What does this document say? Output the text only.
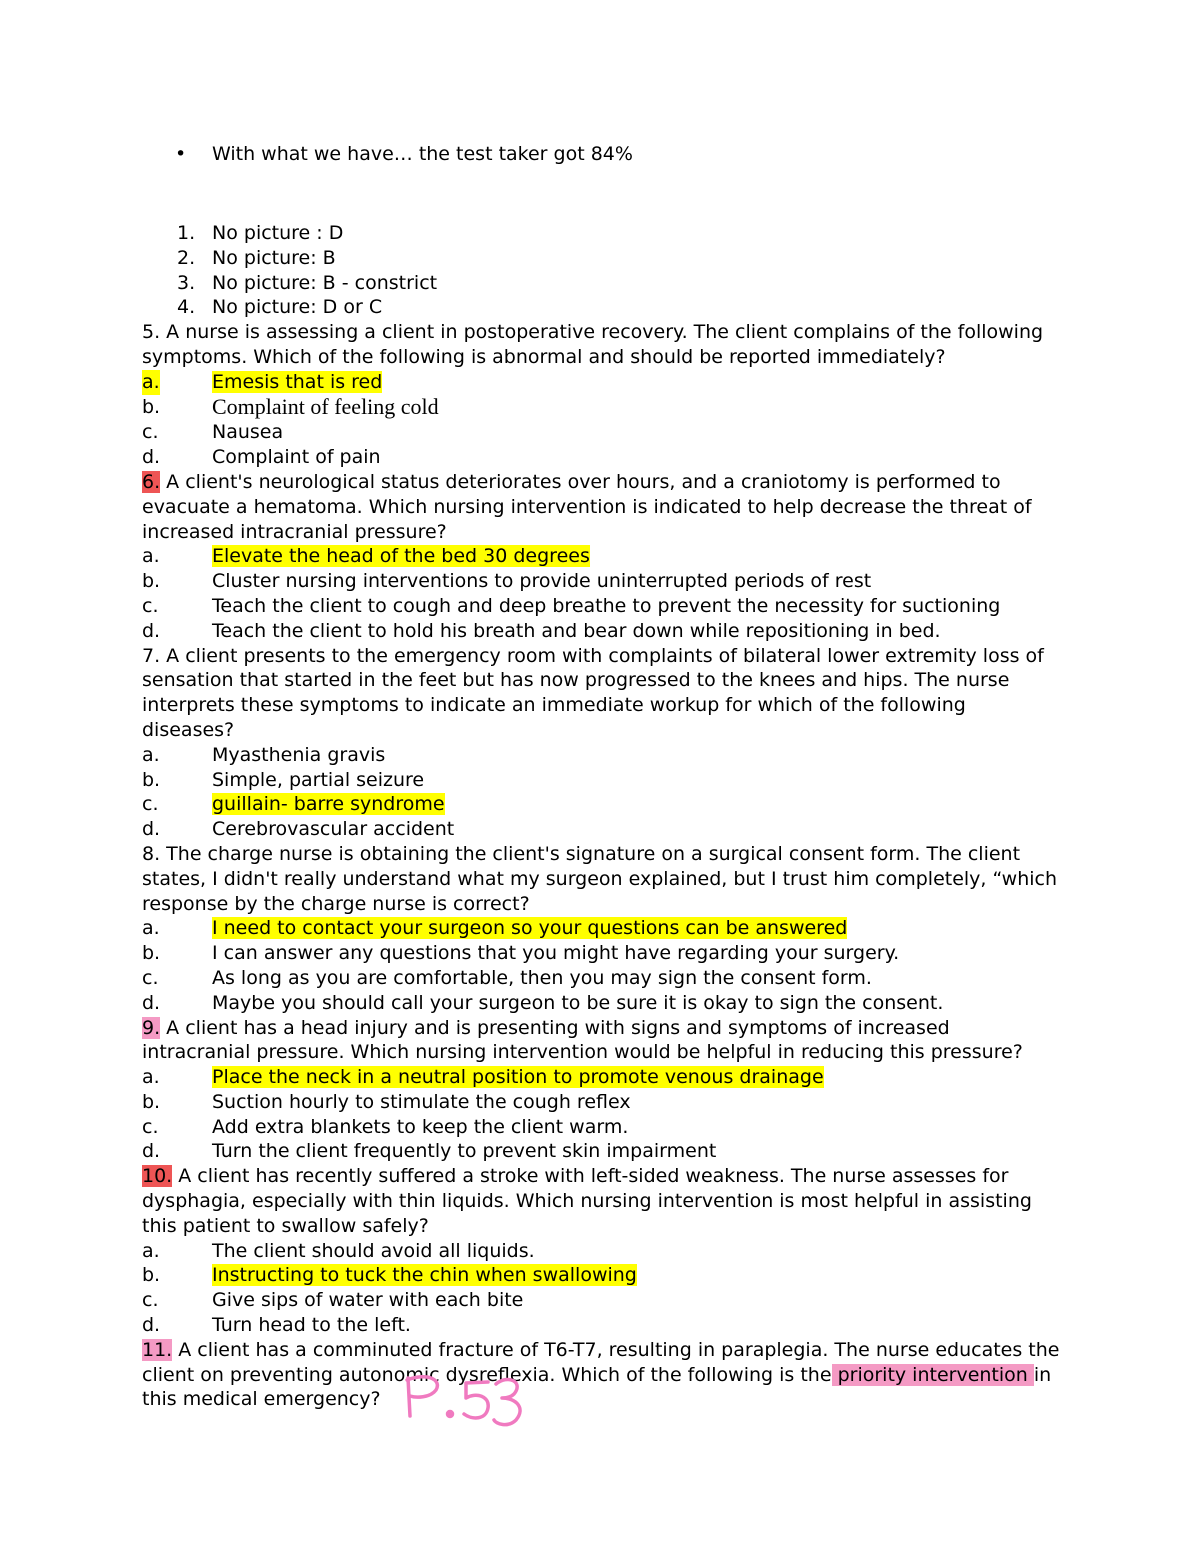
• With what we have… the test taker got 84%
1. No picture : D
2. No picture: B
3. No picture: B - constrict
4. No picture: D or C

5. A nurse is assessing a client in postoperative recovery. The client complains of the following symptoms. Which of the following is abnormal and should be reported immediately?

a.	Emesis that is red
b. Complaint of feeling cold
c.	Nausea
d.	Complaint of pain

6. A client's neurological status deteriorates over hours, and a craniotomy is performed to evacuate a hematoma. Which nursing intervention is indicated to help decrease the threat of increased intracranial pressure?

a.	Elevate the head of the bed 30 degrees
b.	Cluster nursing interventions to provide uninterrupted periods of rest
c.	Teach the client to cough and deep breathe to prevent the necessity for suctioning
d.	Teach the client to hold his breath and bear down while repositioning in bed.

7. A client presents to the emergency room with complaints of bilateral lower extremity loss of sensation that started in the feet but has now progressed to the knees and hips. The nurse interprets these symptoms to indicate an immediate workup for which of the following diseases?

a.	Myasthenia gravis
b.	Simple, partial seizure
c.	guillain- barre syndrome
d.	Cerebrovascular accident

8. The charge nurse is obtaining the client's signature on a surgical consent form. The client states, I didn't really understand what my surgeon explained, but I trust him completely, “which response by the charge nurse is correct?

a.	I need to contact your surgeon so your questions can be answered
b.	I can answer any questions that you might have regarding your surgery.
c.	As long as you are comfortable, then you may sign the consent form.
d.	Maybe you should call your surgeon to be sure it is okay to sign the consent.

9. A client has a head injury and is presenting with signs and symptoms of increased intracranial pressure. Which nursing intervention would be helpful in reducing this pressure?

a.	Place the neck in a neutral position to promote venous drainage
b.	Suction hourly to stimulate the cough reflex
c.	Add extra blankets to keep the client warm.
d.	Turn the client frequently to prevent skin impairment

10. A client has recently suffered a stroke with left-sided weakness. The nurse assesses for dysphagia, especially with thin liquids. Which nursing intervention is most helpful in assisting this patient to swallow safely?

a.	The client should avoid all liquids.
b.	Instructing to tuck the chin when swallowing
c.	Give sips of water with each bite
d.	Turn head to the left.

11. A client has a comminuted fracture of T6-T7, resulting in paraplegia. The nurse educates the client on preventing autonomic dysreflexia. Which of the following is the priority intervention in this medical emergency?
